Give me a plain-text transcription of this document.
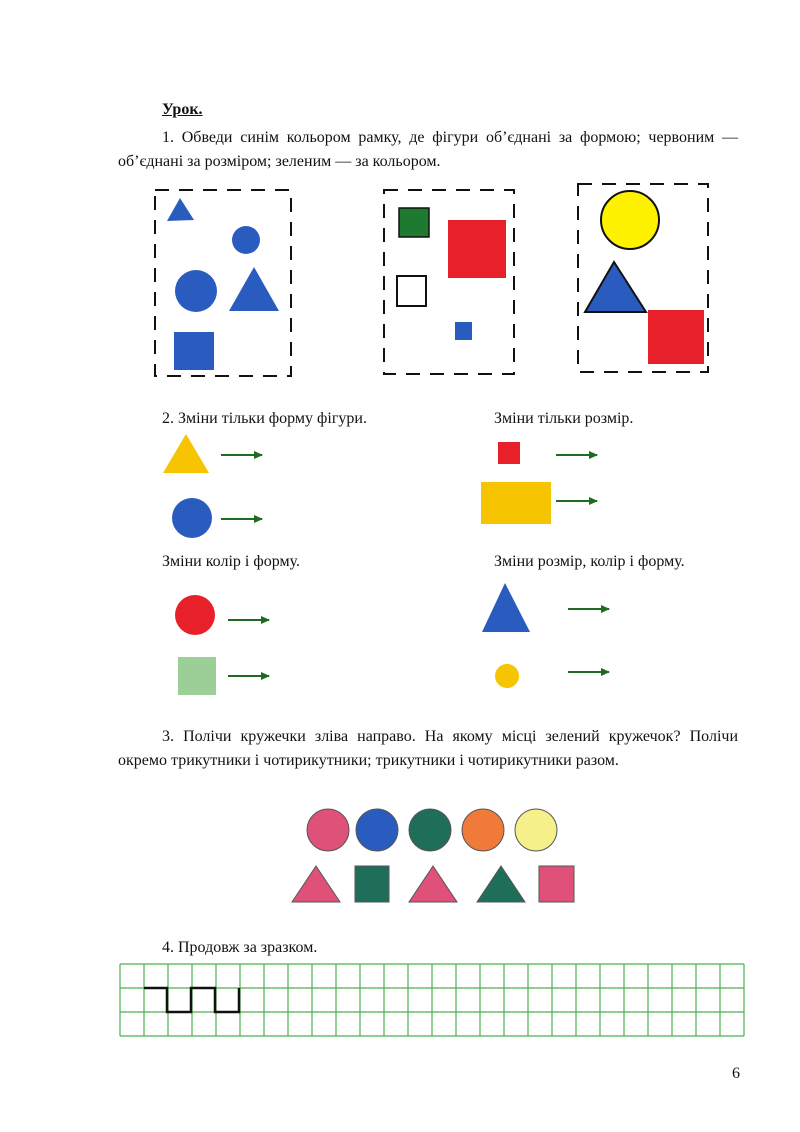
Урок.
1. Обведи синім кольором рамку, де фігури об’єднані за формою; червоним — об’єднані за розміром; зеленим — за кольором.
2. Зміни тільки форму фігури.	Зміни тільки розмір.
Зміни колір і форму.	Зміни розмір, колір і форму.
3. Полічи кружечки зліва направо. На якому місці зелений кружечок? Полічи окремо трикутники і чотирикутники; трикутники і чотирикутники разом.
4. Продовж за зразком.
6
